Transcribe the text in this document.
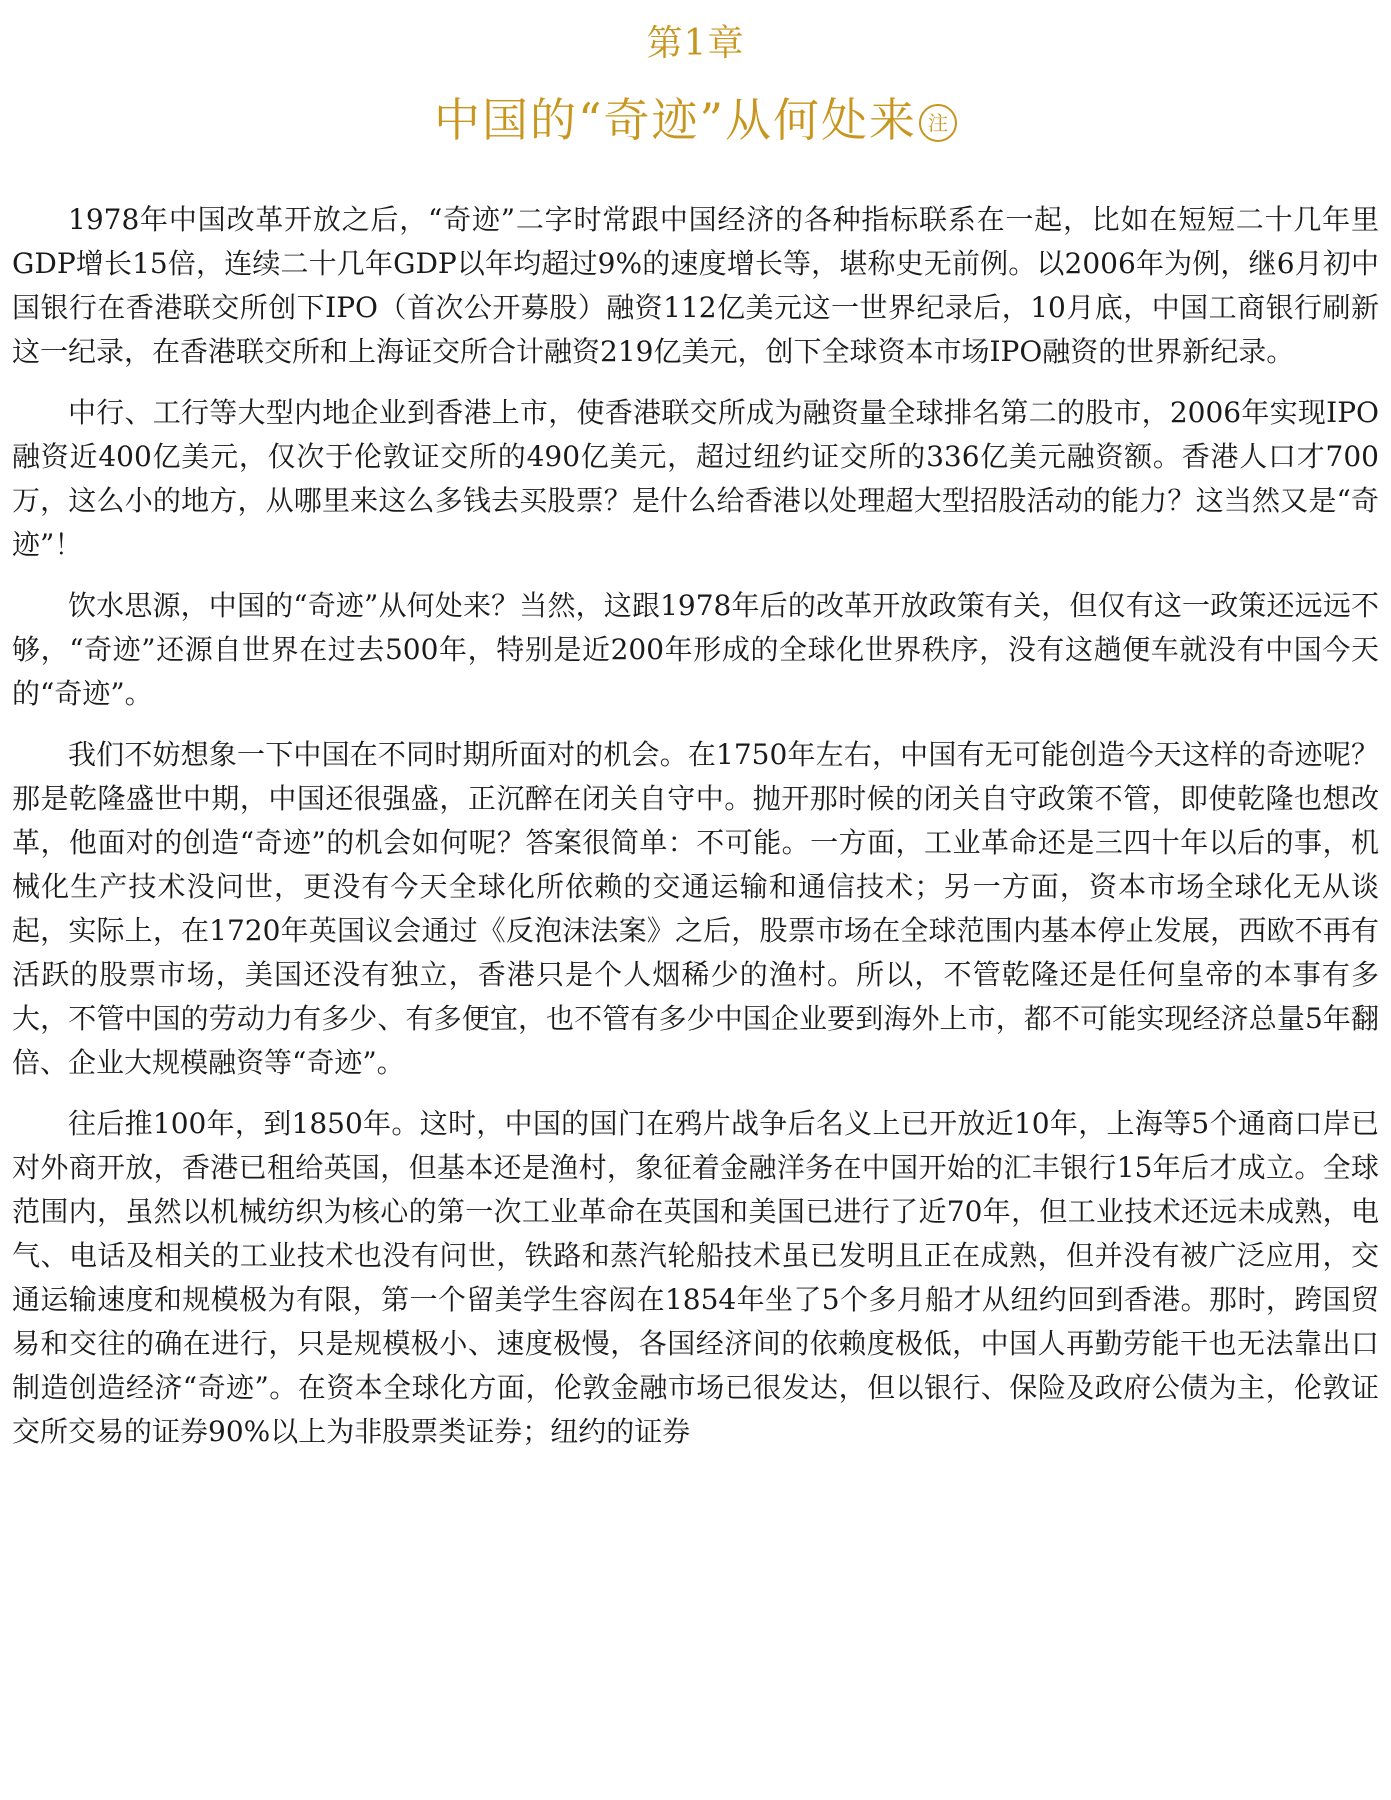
第1章
中国的“奇迹”从何处来 注

1978年中国改革开放之后，“奇迹”二字时常跟中国经济的各种指标联系在一起，比如在短短二十几年里GDP增长15倍，连续二十几年GDP以年均超过9%的速度增长等，堪称史无前例。以2006年为例，继6月初中国银行在香港联交所创下IPO（首次公开募股）融资112亿美元这一世界纪录后，10月底，中国工商银行刷新这一纪录，在香港联交所和上海证交所合计融资219亿美元，创下全球资本市场IPO融资的世界新纪录。

中行、工行等大型内地企业到香港上市，使香港联交所成为融资量全球排名第二的股市，2006年实现IPO融资近400亿美元，仅次于伦敦证交所的490亿美元，超过纽约证交所的336亿美元融资额。香港人口才700万，这么小的地方，从哪里来这么多钱去买股票？是什么给香港以处理超大型招股活动的能力？这当然又是“奇迹”！

饮水思源，中国的“奇迹”从何处来？当然，这跟1978年后的改革开放政策有关，但仅有这一政策还远远不够，“奇迹”还源自世界在过去500年，特别是近200年形成的全球化世界秩序，没有这趟便车就没有中国今天的“奇迹”。

我们不妨想象一下中国在不同时期所面对的机会。在1750年左右，中国有无可能创造今天这样的奇迹呢？那是乾隆盛世中期，中国还很强盛，正沉醉在闭关自守中。抛开那时候的闭关自守政策不管，即使乾隆也想改革，他面对的创造“奇迹”的机会如何呢？答案很简单：不可能。一方面，工业革命还是三四十年以后的事，机械化生产技术没问世，更没有今天全球化所依赖的交通运输和通信技术；另一方面，资本市场全球化无从谈起，实际上，在1720年英国议会通过《反泡沫法案》之后，股票市场在全球范围内基本停止发展，西欧不再有活跃的股票市场，美国还没有独立，香港只是个人烟稀少的渔村。所以，不管乾隆还是任何皇帝的本事有多大，不管中国的劳动力有多少、有多便宜，也不管有多少中国企业要到海外上市，都不可能实现经济总量5年翻倍、企业大规模融资等“奇迹”。

往后推100年，到1850年。这时，中国的国门在鸦片战争后名义上已开放近10年，上海等5个通商口岸已对外商开放，香港已租给英国，但基本还是渔村，象征着金融洋务在中国开始的汇丰银行15年后才成立。全球范围内，虽然以机械纺织为核心的第一次工业革命在英国和美国已进行了近70年，但工业技术还远未成熟，电气、电话及相关的工业技术也没有问世，铁路和蒸汽轮船技术虽已发明且正在成熟，但并没有被广泛应用，交通运输速度和规模极为有限，第一个留美学生容闳在1854年坐了5个多月船才从纽约回到香港。那时，跨国贸易和交往的确在进行，只是规模极小、速度极慢，各国经济间的依赖度极低，中国人再勤劳能干也无法靠出口制造创造经济“奇迹”。在资本全球化方面，伦敦金融市场已很发达，但以银行、保险及政府公债为主，伦敦证交所交易的证券90%以上为非股票类证券；纽约的证券
